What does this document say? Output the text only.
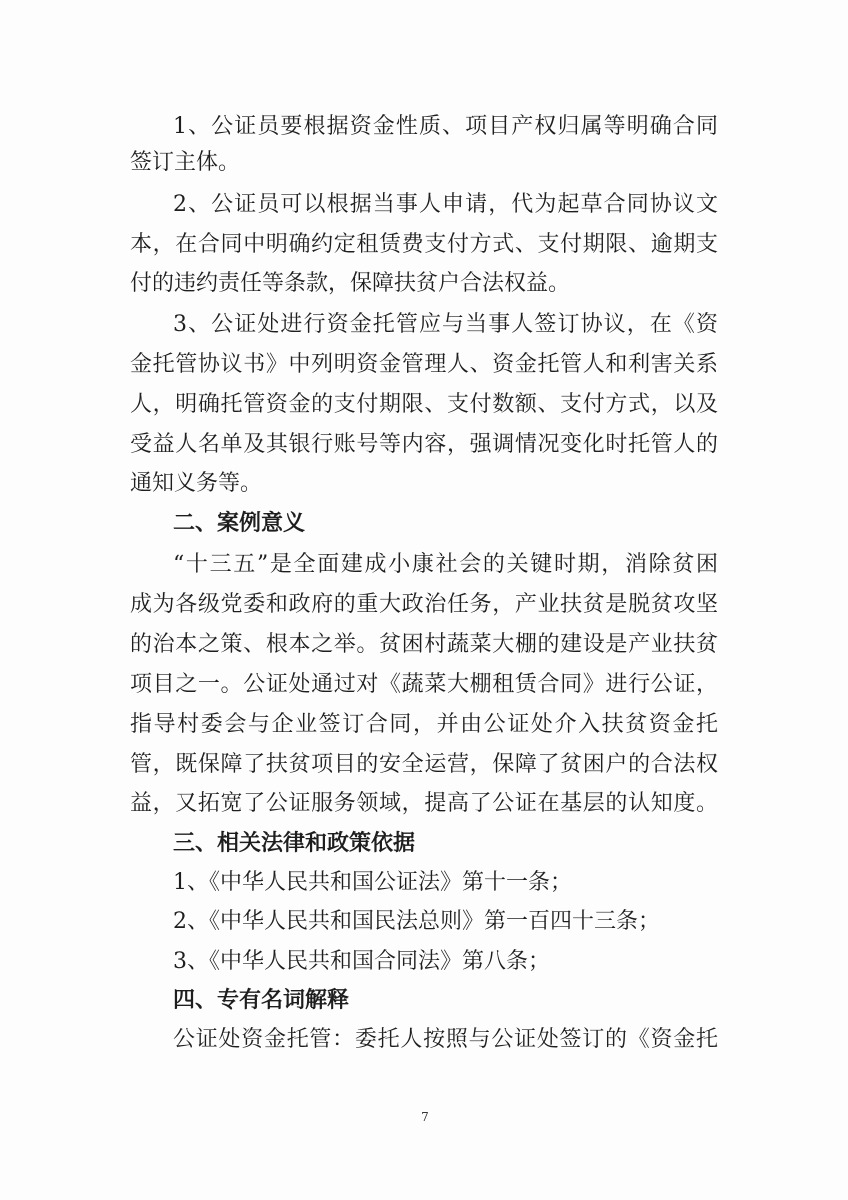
1、公证员要根据资金性质、项目产权归属等明确合同
签订主体。
2、公证员可以根据当事人申请，代为起草合同协议文
本，在合同中明确约定租赁费支付方式、支付期限、逾期支
付的违约责任等条款，保障扶贫户合法权益。
3、公证处进行资金托管应与当事人签订协议，在《资
金托管协议书》中列明资金管理人、资金托管人和利害关系
人，明确托管资金的支付期限、支付数额、支付方式，以及
受益人名单及其银行账号等内容，强调情况变化时托管人的
通知义务等。
二、案例意义
“十三五”是全面建成小康社会的关键时期，消除贫困
成为各级党委和政府的重大政治任务，产业扶贫是脱贫攻坚
的治本之策、根本之举。贫困村蔬菜大棚的建设是产业扶贫
项目之一。公证处通过对《蔬菜大棚租赁合同》进行公证，
指导村委会与企业签订合同，并由公证处介入扶贫资金托
管，既保障了扶贫项目的安全运营，保障了贫困户的合法权
益，又拓宽了公证服务领域，提高了公证在基层的认知度。
三、相关法律和政策依据
1、《中华人民共和国公证法》第十一条；
2、《中华人民共和国民法总则》第一百四十三条；
3、《中华人民共和国合同法》第八条；
四、专有名词解释
公证处资金托管：委托人按照与公证处签订的《资金托
7
